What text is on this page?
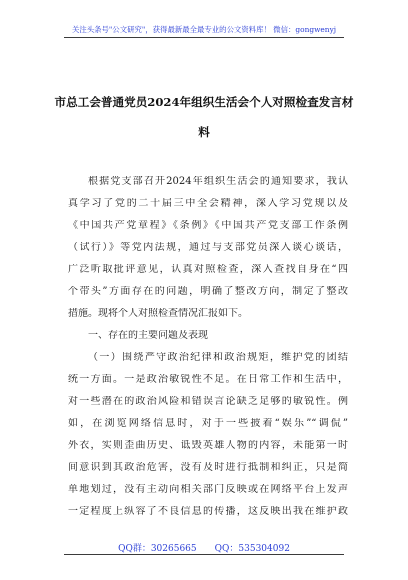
关注头条号"公文研究"，获得最新最全最专业的公文资料库！ 微信：gongwenyj
市总工会普通党员2024年组织生活会个人对照检查发言材
料
根据党支部召开2024年组织生活会的通知要求，我认
真学习了党的二十届三中全会精神，深入学习党规以及
《中国共产党章程》《条例》《中国共产党支部工作条例
（试行）》等党内法规，通过与支部党员深入谈心谈话，
广泛听取批评意见，认真对照检查，深入查找自身在“四
个带头”方面存在的问题，明确了整改方向，制定了整改
措施。现将个人对照检查情况汇报如下。
一、存在的主要问题及表现
（一）围绕严守政治纪律和政治规矩，维护党的团结
统一方面。一是政治敏锐性不足。在日常工作和生活中，
对一些潜在的政治风险和错误言论缺乏足够的敏锐性。例
如，在浏览网络信息时，对于一些披着“娱乐”“调侃”
外衣，实则歪曲历史、诋毁英雄人物的内容，未能第一时
间意识到其政治危害，没有及时进行抵制和纠正，只是简
单地划过，没有主动向相关部门反映或在网络平台上发声
一定程度上纵容了不良信息的传播，这反映出我在维护政
QQ群：30265665 QQ：535304092
